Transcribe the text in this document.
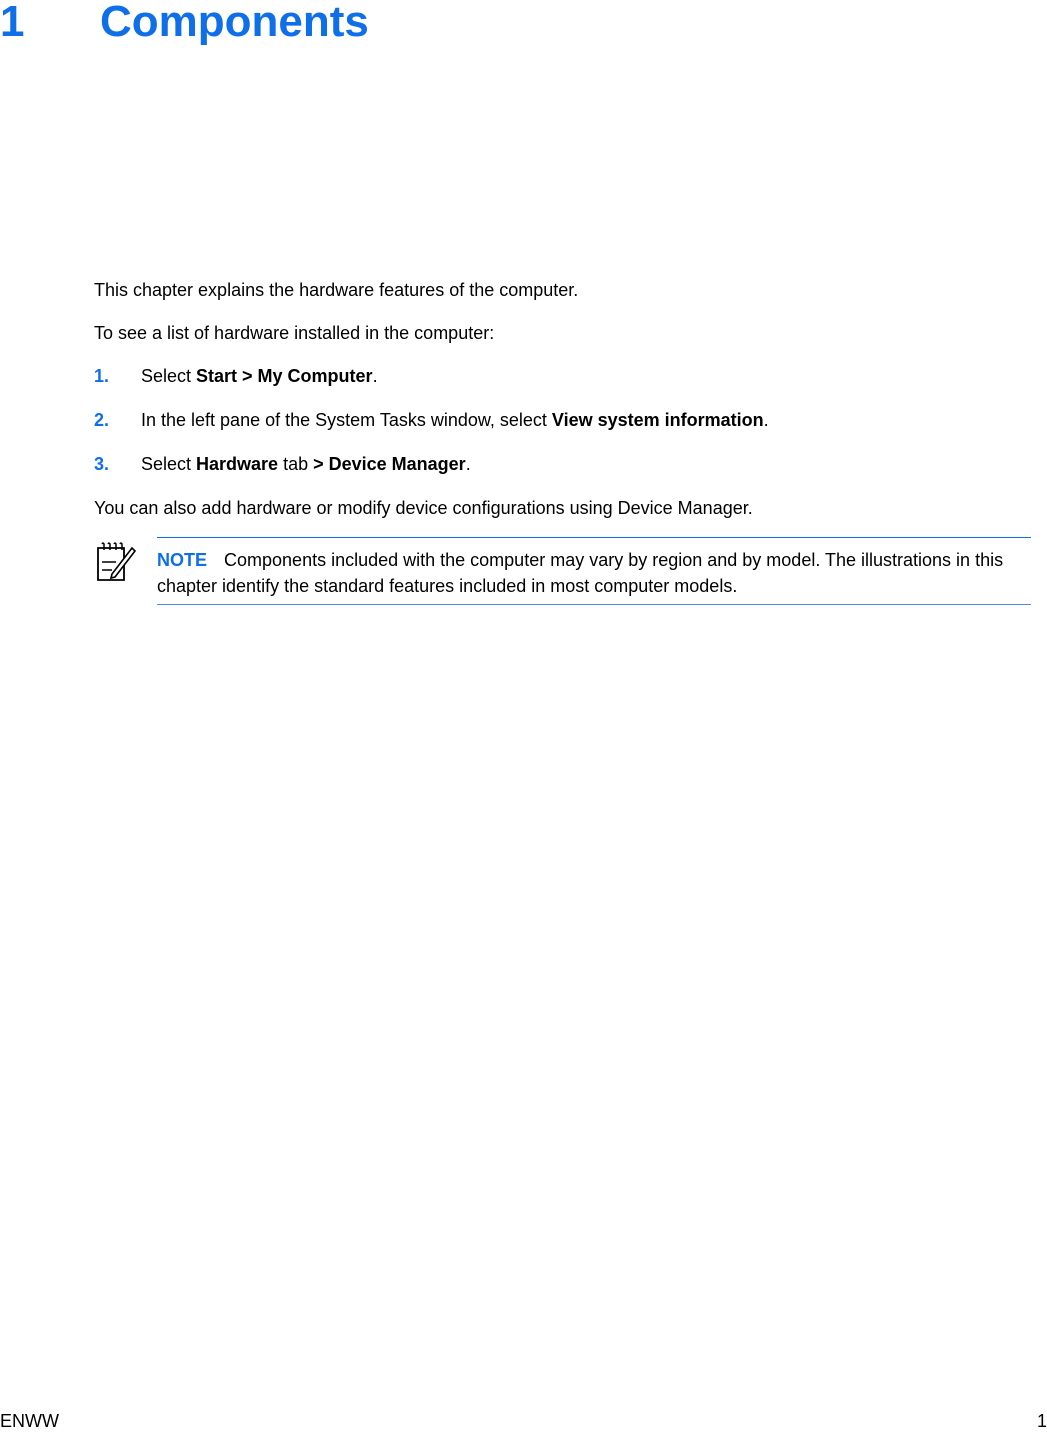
1 Components

This chapter explains the hardware features of the computer.

To see a list of hardware installed in the computer:

1. Select Start > My Computer.
2. In the left pane of the System Tasks window, select View system information.
3. Select Hardware tab > Device Manager.

You can also add hardware or modify device configurations using Device Manager.

NOTE Components included with the computer may vary by region and by model. The illustrations in this chapter identify the standard features included in most computer models.

ENWW	1
